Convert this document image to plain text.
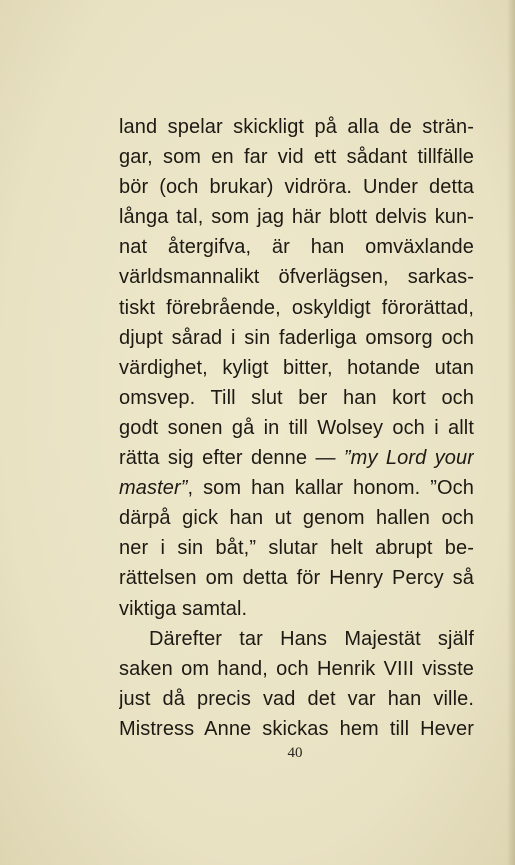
land spelar skickligt på alla de strän-
gar, som en far vid ett sådant tillfälle
bör (och brukar) vidröra. Under detta
långa tal, som jag här blott delvis kun-
nat återgifva, är han omväxlande
världsmannalikt öfverlägsen, sarkas-
tiskt förebrående, oskyldigt förorättad,
djupt sårad i sin faderliga omsorg och
värdighet, kyligt bitter, hotande utan
omsvep. Till slut ber han kort och
godt sonen gå in till Wolsey och i allt
rätta sig efter denne — ”my Lord your
master”, som han kallar honom. ”Och
därpå gick han ut genom hallen och
ner i sin båt,” slutar helt abrupt be-
rättelsen om detta för Henry Percy så
viktiga samtal.
Därefter tar Hans Majestät själf
saken om hand, och Henrik VIII visste
just då precis vad det var han ville.
Mistress Anne skickas hem till Hever
40
